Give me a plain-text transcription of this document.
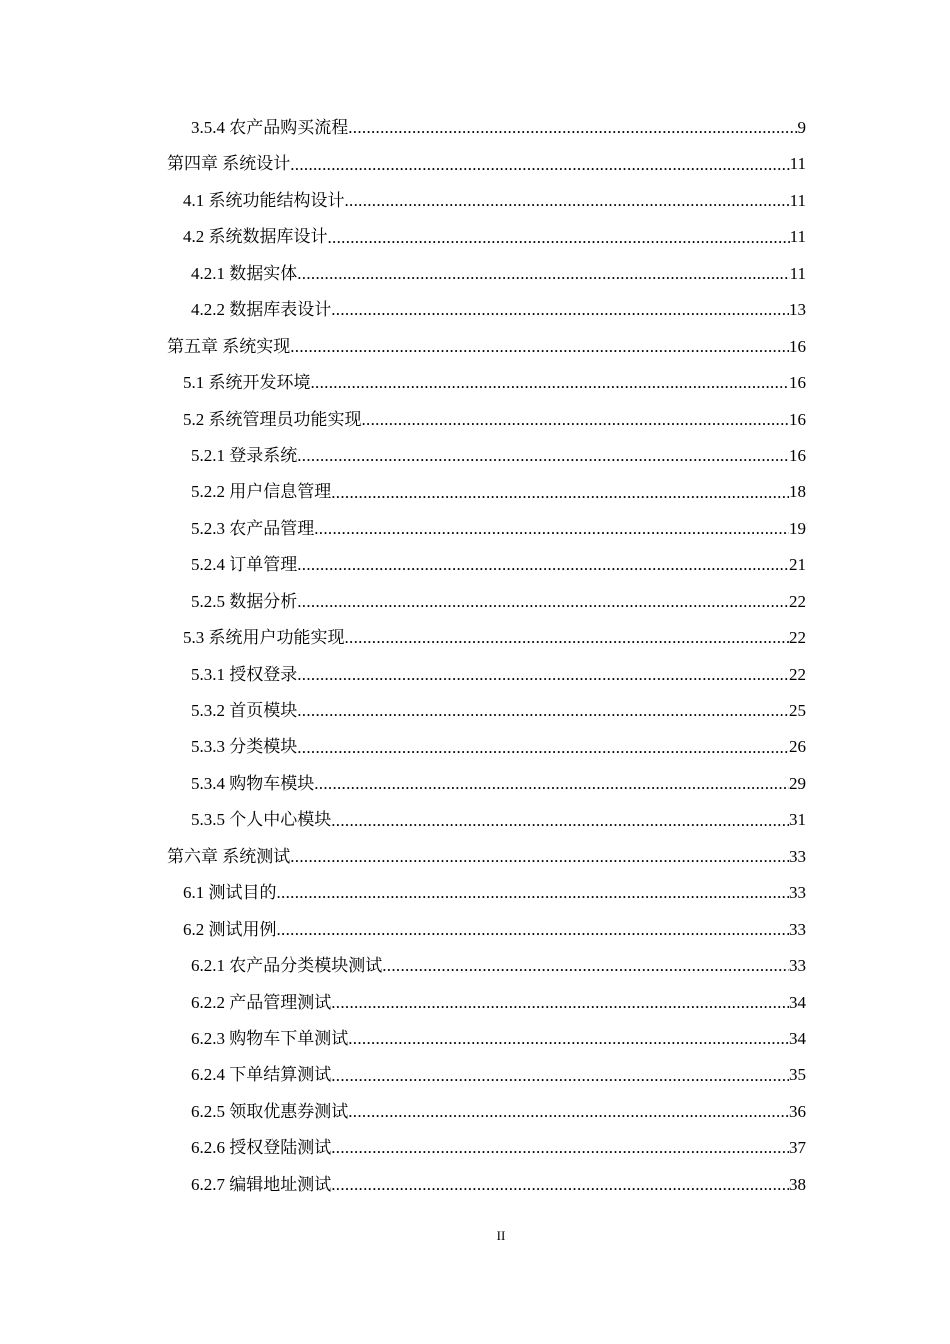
3.5.4 农产品购买流程 .....	9
第四章 系统设计 .....	11
4.1 系统功能结构设计 .....	11
4.2 系统数据库设计 .....	11
4.2.1 数据实体 .....	11
4.2.2 数据库表设计 .....	13
第五章 系统实现 .....	16
5.1 系统开发环境 .....	16
5.2 系统管理员功能实现 .....	16
5.2.1 登录系统 .....	16
5.2.2 用户信息管理 .....	18
5.2.3 农产品管理 .....	19
5.2.4 订单管理 .....	21
5.2.5 数据分析 .....	22
5.3 系统用户功能实现 .....	22
5.3.1 授权登录 .....	22
5.3.2 首页模块 .....	25
5.3.3 分类模块 .....	26
5.3.4 购物车模块 .....	29
5.3.5 个人中心模块 .....	31
第六章 系统测试 .....	33
6.1 测试目的 .....	33
6.2 测试用例 .....	33
6.2.1 农产品分类模块测试 .....	33
6.2.2 产品管理测试 .....	34
6.2.3 购物车下单测试 .....	34
6.2.4 下单结算测试 .....	35
6.2.5 领取优惠券测试 .....	36
6.2.6 授权登陆测试 .....	37
6.2.7 编辑地址测试 .....	38
II
